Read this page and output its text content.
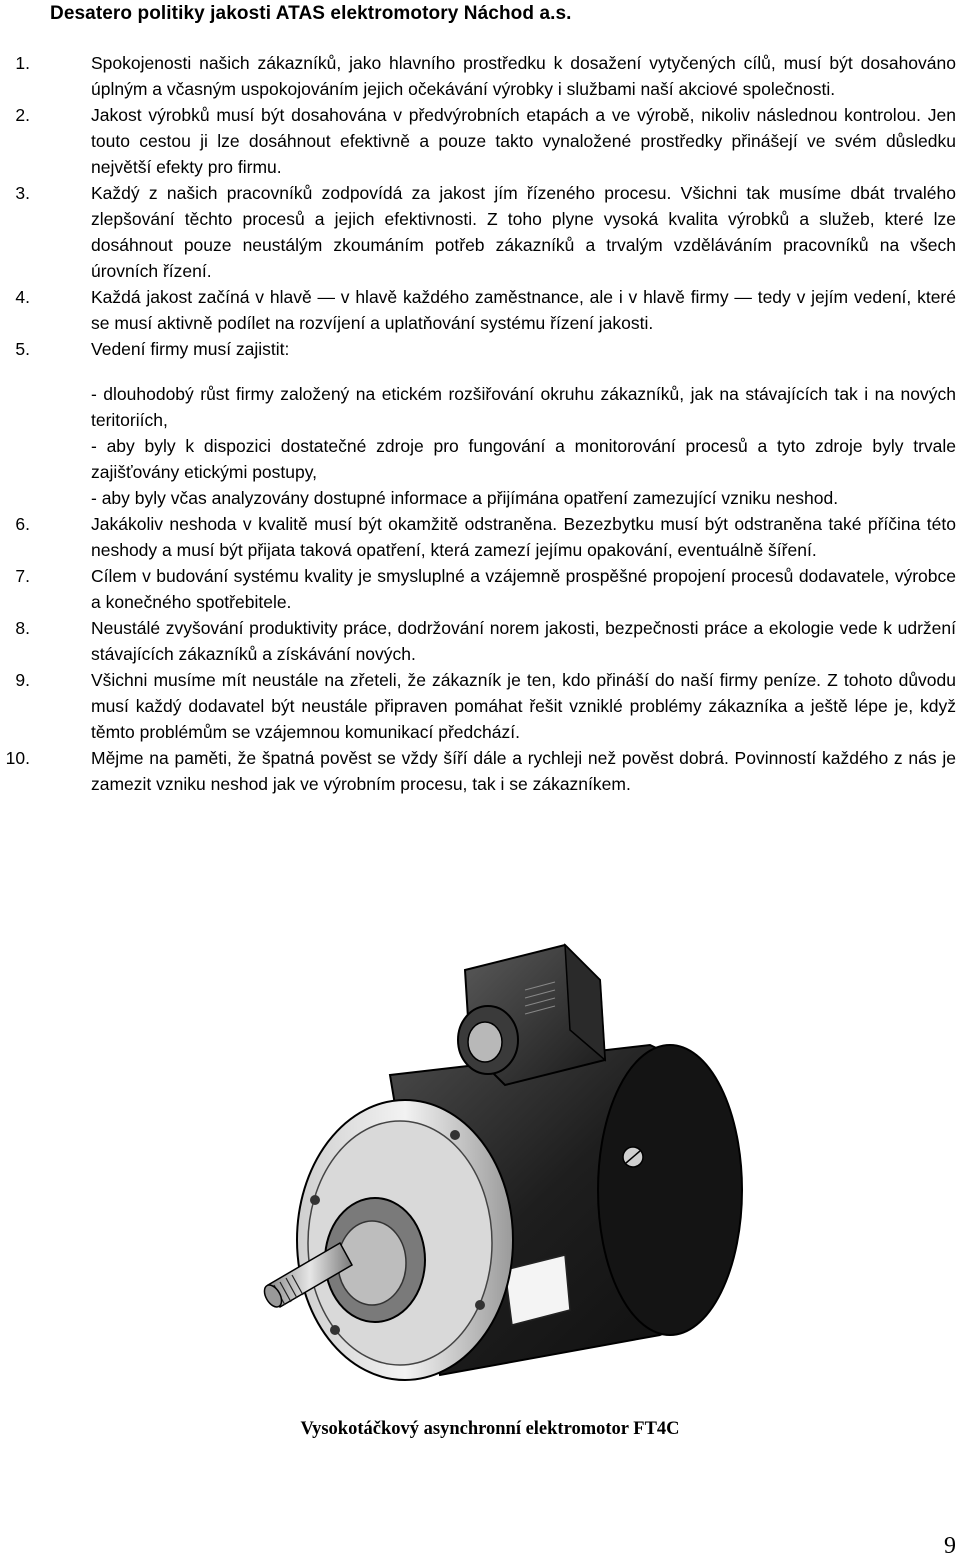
Desatero politiky jakosti ATAS elektromotory Náchod a.s.
1.	Spokojenosti našich zákazníků, jako hlavního prostředku k dosažení vytyčených cílů, musí být dosahováno úplným a včasným uspokojováním jejich očekávání výrobky i službami naší akciové společnosti.
2.	Jakost výrobků musí být dosahována v předvýrobních etapách a ve výrobě, nikoliv následnou kontrolou. Jen touto cestou ji lze dosáhnout efektivně a pouze takto vynaložené prostředky přinášejí ve svém důsledku největší efekty pro firmu.
3.	Každý z našich pracovníků zodpovídá za jakost jím řízeného procesu. Všichni tak musíme dbát trvalého zlepšování těchto procesů a jejich efektivnosti. Z toho plyne vysoká kvalita výrobků a služeb, které lze dosáhnout pouze neustálým zkoumáním potřeb zákazníků a trvalým vzděláváním pracovníků na všech úrovních řízení.
4.	Každá jakost začíná v hlavě — v hlavě každého zaměstnance, ale i v hlavě firmy — tedy v jejím vedení, které se musí aktivně podílet na rozvíjení a uplatňování systému řízení jakosti.
5.	Vedení firmy musí zajistit:
- dlouhodobý růst firmy založený na etickém rozšiřování okruhu zákazníků, jak na stávajících tak i na nových teritoriích,
- aby byly k dispozici dostatečné zdroje pro fungování a monitorování procesů a tyto zdroje byly trvale zajišťovány etickými postupy,
- aby byly včas analyzovány dostupné informace a přijímána opatření zamezující vzniku neshod.
6.	Jakákoliv neshoda v kvalitě musí být okamžitě odstraněna. Bezezbytku musí být odstraněna také příčina této neshody a musí být přijata taková opatření, která zamezí jejímu opakování, eventuálně šíření.
7.	Cílem v budování systému kvality je smysluplné a vzájemně prospěšné propojení procesů dodavatele, výrobce a konečného spotřebitele.
8.	Neustálé zvyšování produktivity práce, dodržování norem jakosti, bezpečnosti práce a ekologie vede k udržení stávajících zákazníků a získávání nových.
9.	Všichni musíme mít neustále na zřeteli, že zákazník je ten, kdo přináší do naší firmy peníze. Z tohoto důvodu musí každý dodavatel být neustále připraven pomáhat řešit vzniklé problémy zákazníka a ještě lépe je, když těmto problémům se vzájemnou komunikací předchází.
10.	Mějme na paměti, že špatná pověst se vždy šíří dále a rychleji než pověst dobrá. Povinností každého z nás je zamezit vzniku neshod jak ve výrobním procesu, tak i se zákazníkem.
Vysokotáčkový asynchronní elektromotor FT4C
9
